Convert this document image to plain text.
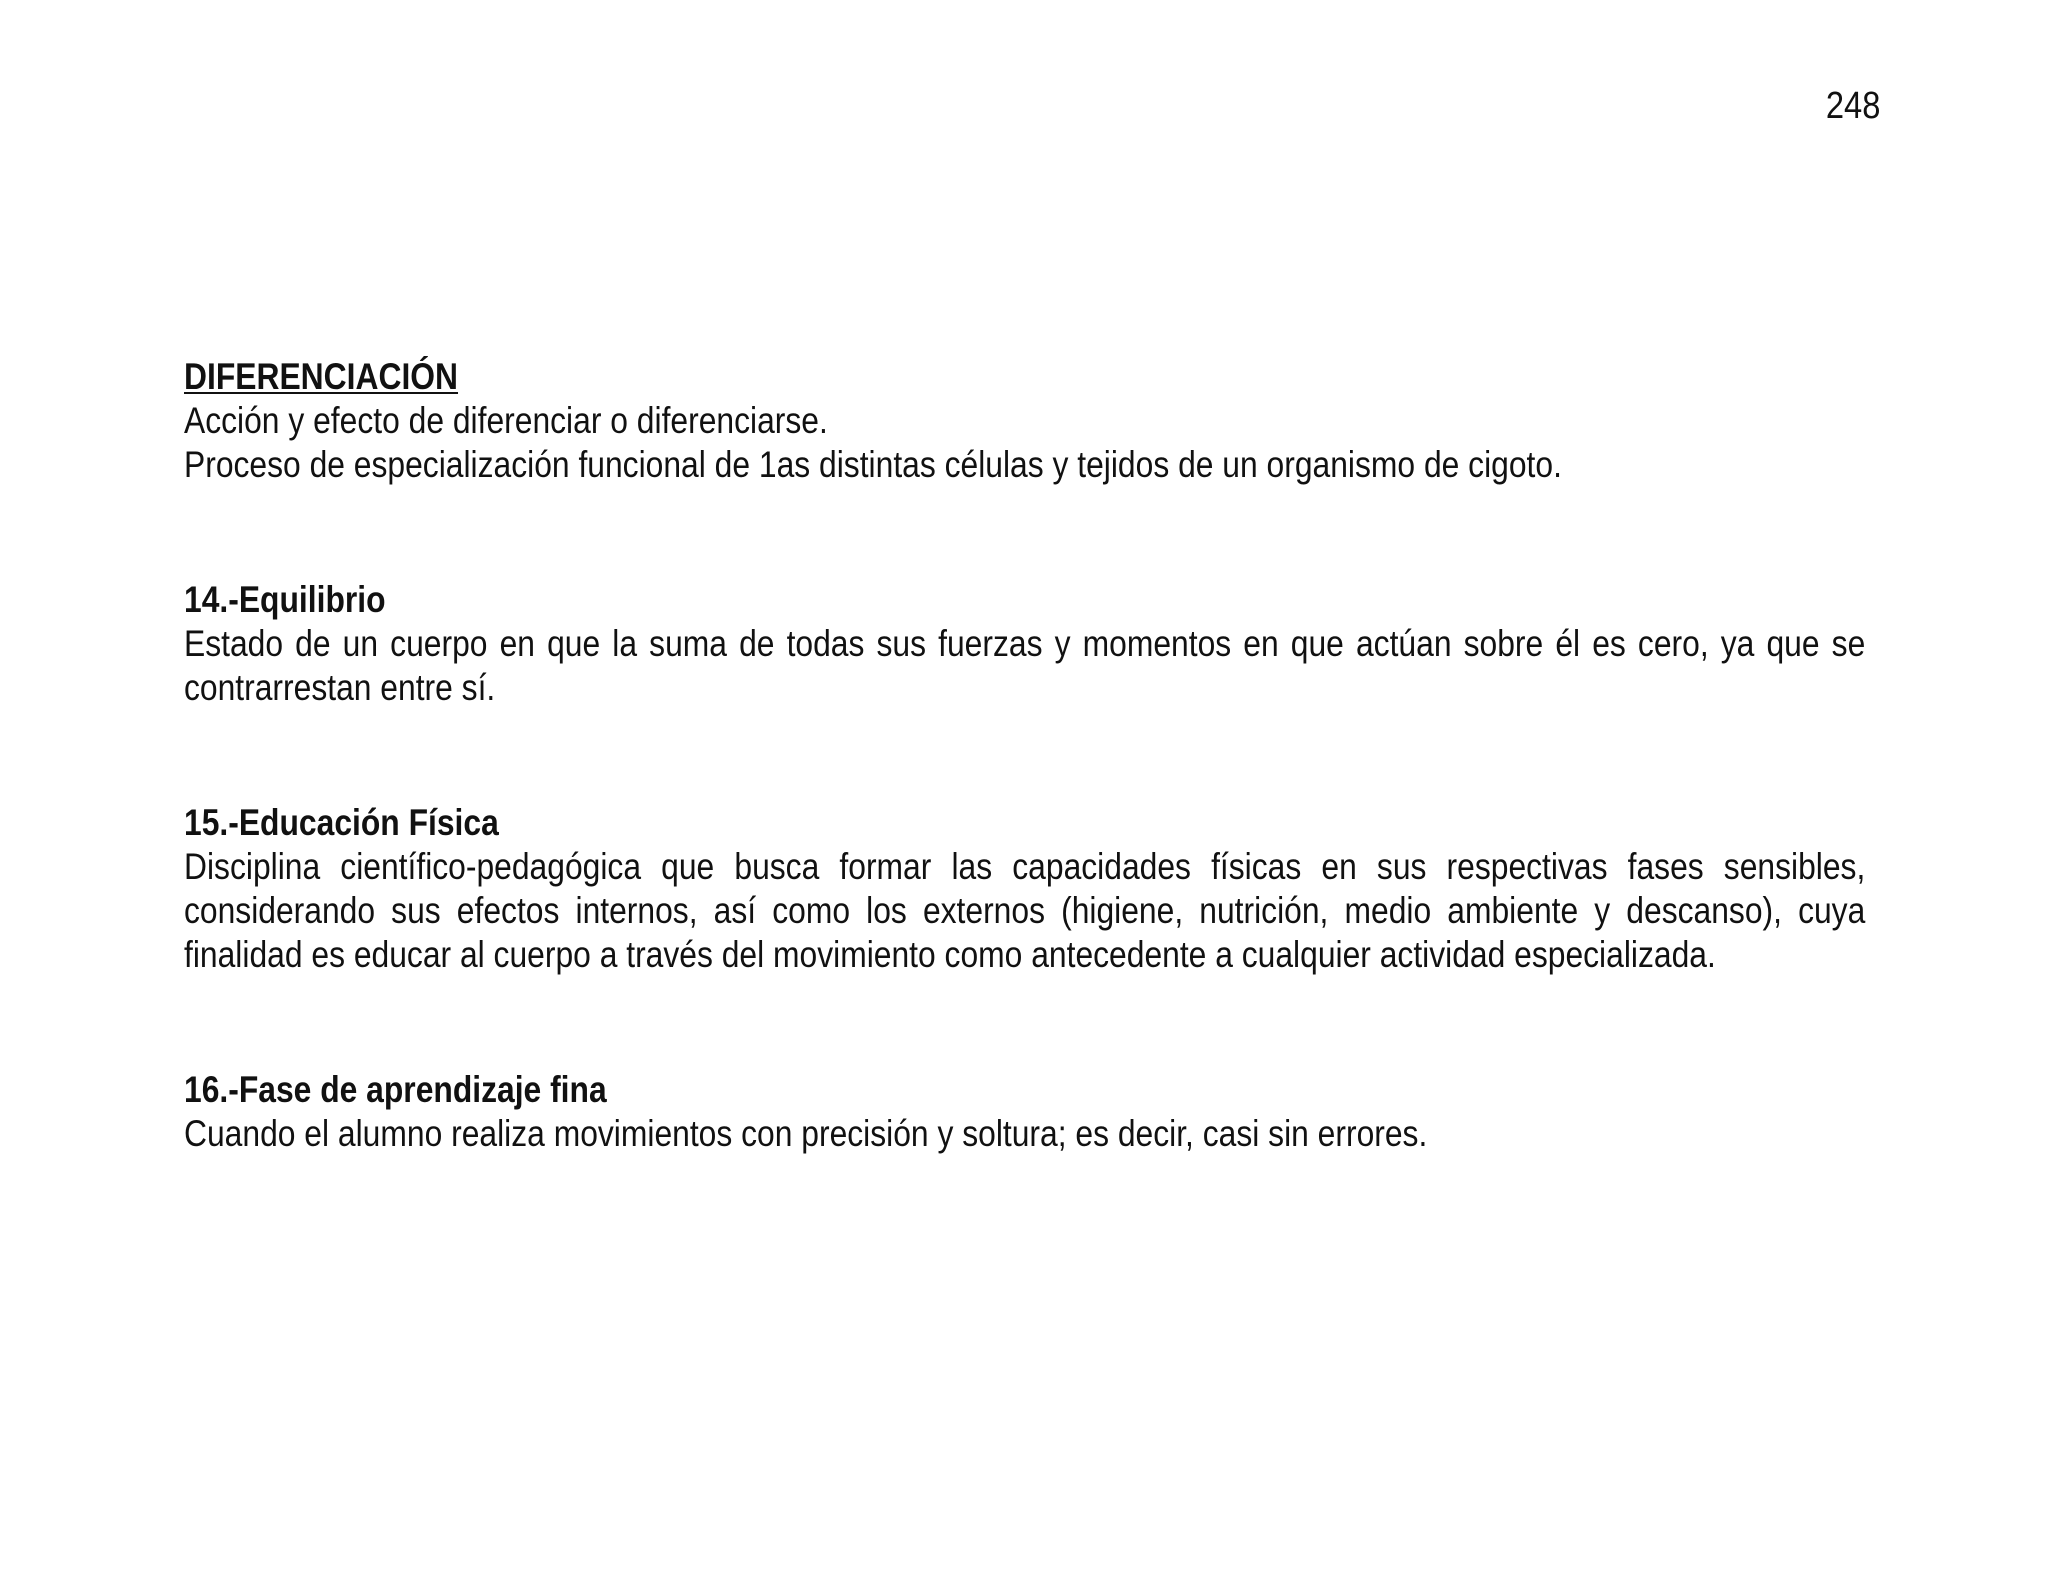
248

DIFERENCIACIÓN

Acción y efecto de diferenciar o diferenciarse.

Proceso de especialización funcional de 1as distintas células y tejidos de un organismo de cigoto.

14.-Equilibrio

Estado de un cuerpo en que la suma de todas sus fuerzas y momentos en que actúan sobre él es cero, ya que se contrarrestan entre sí.

15.-Educación Física

Disciplina científico-pedagógica que busca formar las capacidades físicas en sus respectivas fases sensibles, considerando sus efectos internos, así como los externos (higiene, nutrición, medio ambiente y descanso), cuya finalidad es educar al cuerpo a través del movimiento como antecedente a cualquier actividad especializada.

16.-Fase de aprendizaje fina

Cuando el alumno realiza movimientos con precisión y soltura; es decir, casi sin errores.
